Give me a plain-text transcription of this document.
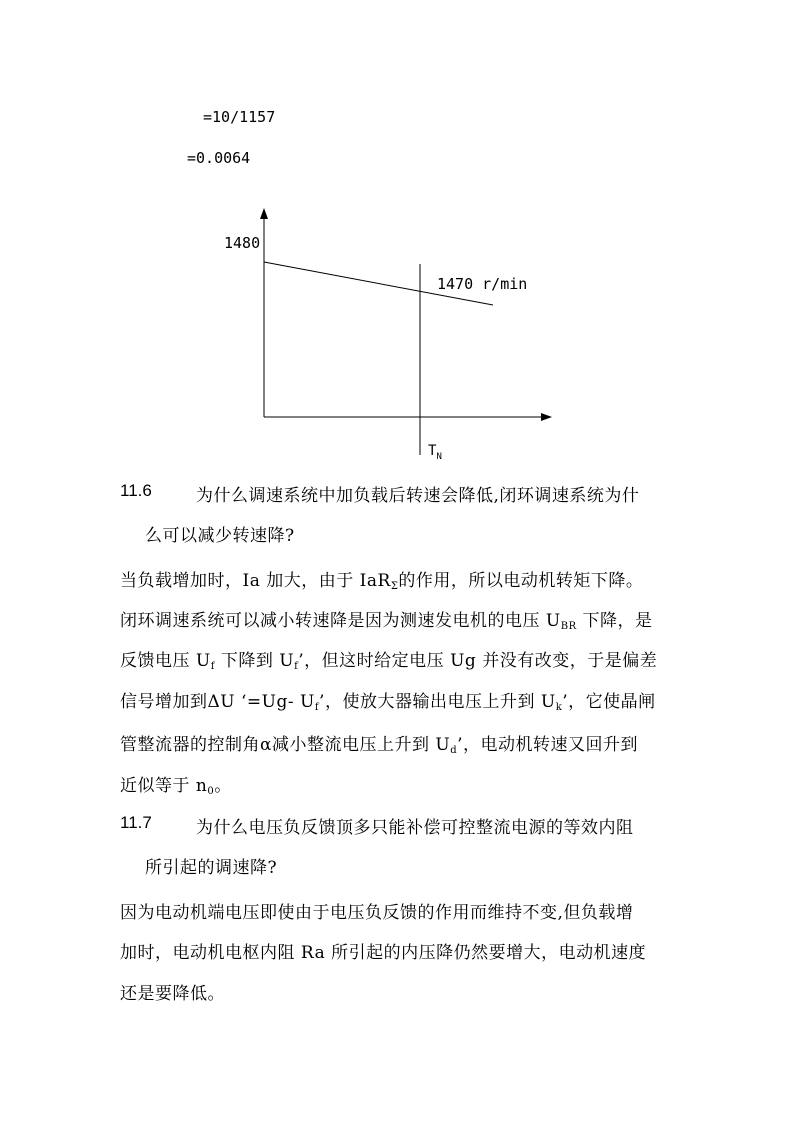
=10/1157
=0.0064
1480
1470 r/min
$T_N$
11.6	为什么调速系统中加负载后转速会降低,闭环调速系统为什
么可以减少转速降?
当负载增加时，Ia 加大，由于 IaR$_\Sigma$的作用，所以电动机转矩下降。
闭环调速系统可以减小转速降是因为测速发电机的电压 $U_{BR}$ 下降，是
反馈电压 $U_f$ 下降到 $U_f$’，但这时给定电压 Ug 并没有改变，于是偏差
信号增加到ΔU ‘=Ug- $U_f$’，使放大器输出电压上升到 $U_k$’，它使晶闸
管整流器的控制角α减小整流电压上升到 $U_d$’，电动机转速又回升到
近似等于 $n_0$。
11.7	为什么电压负反馈顶多只能补偿可控整流电源的等效内阻
所引起的调速降?
因为电动机端电压即使由于电压负反馈的作用而维持不变,但负载增
加时，电动机电枢内阻 Ra 所引起的内压降仍然要增大，电动机速度
还是要降低。
